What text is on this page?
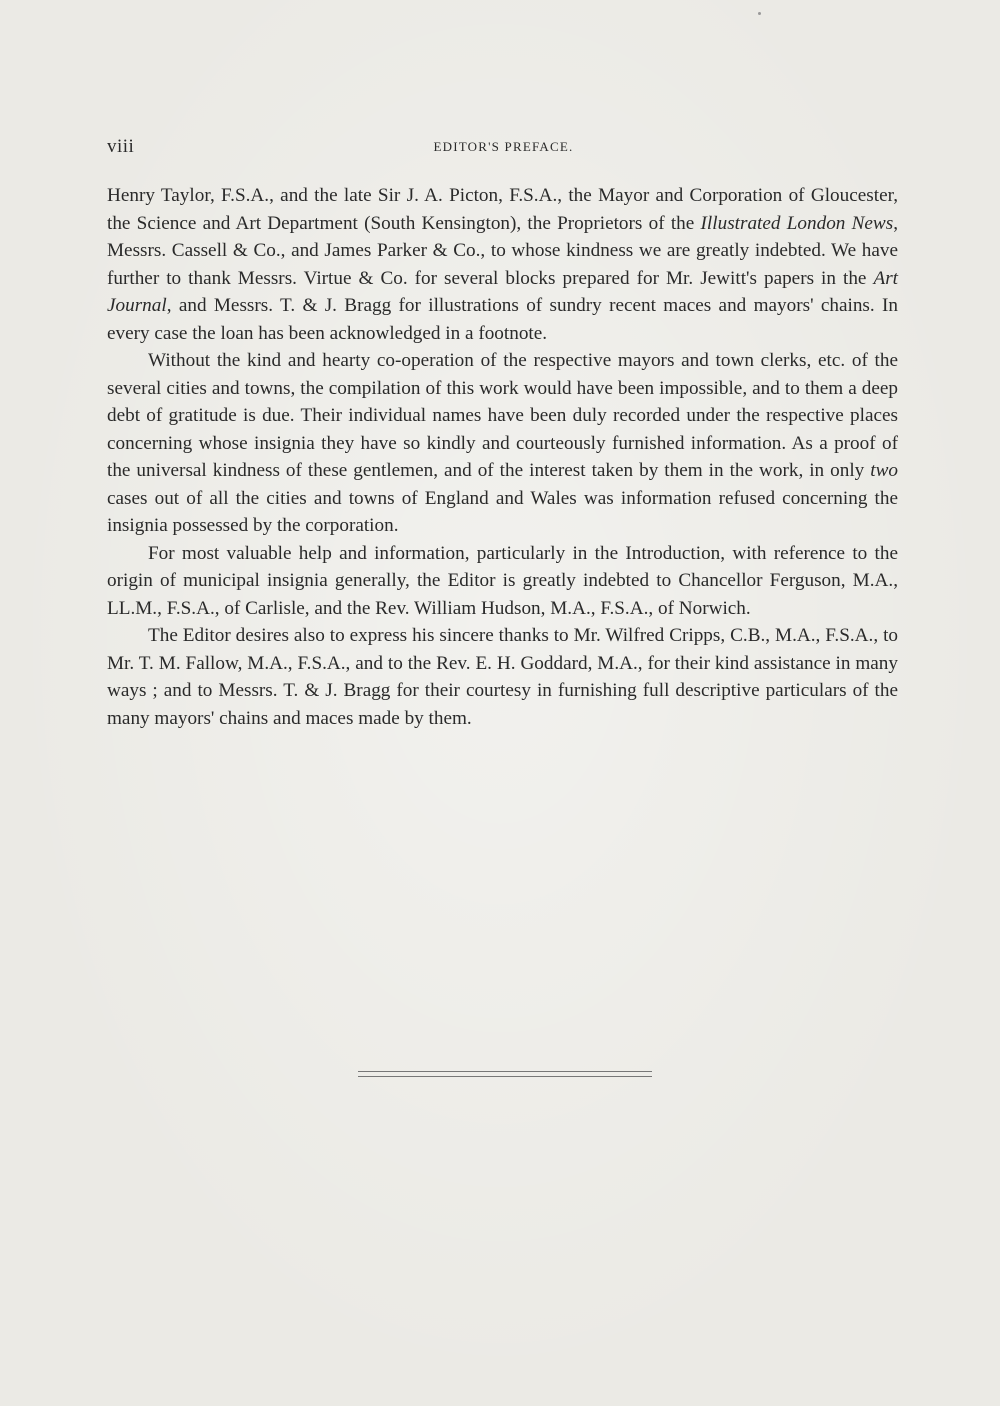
viii	EDITOR'S PREFACE.

Henry Taylor, F.S.A., and the late Sir J. A. Picton, F.S.A., the Mayor and Corporation of Gloucester, the Science and Art Department (South Kensington), the Proprietors of the Illustrated London News, Messrs. Cassell & Co., and James Parker & Co., to whose kindness we are greatly indebted. We have further to thank Messrs. Virtue & Co. for several blocks prepared for Mr. Jewitt's papers in the Art Journal, and Messrs. T. & J. Bragg for illustrations of sundry recent maces and mayors' chains. In every case the loan has been acknowledged in a footnote.

Without the kind and hearty co-operation of the respective mayors and town clerks, etc. of the several cities and towns, the compilation of this work would have been impossible, and to them a deep debt of gratitude is due. Their individual names have been duly recorded under the respective places concerning whose insignia they have so kindly and courteously furnished information. As a proof of the universal kindness of these gentlemen, and of the interest taken by them in the work, in only two cases out of all the cities and towns of England and Wales was information refused concerning the insignia possessed by the corporation.

For most valuable help and information, particularly in the Introduction, with reference to the origin of municipal insignia generally, the Editor is greatly indebted to Chancellor Ferguson, M.A., LL.M., F.S.A., of Carlisle, and the Rev. William Hudson, M.A., F.S.A., of Norwich.

The Editor desires also to express his sincere thanks to Mr. Wilfred Cripps, C.B., M.A., F.S.A., to Mr. T. M. Fallow, M.A., F.S.A., and to the Rev. E. H. Goddard, M.A., for their kind assistance in many ways ; and to Messrs. T. & J. Bragg for their courtesy in furnishing full descriptive particulars of the many mayors' chains and maces made by them.
